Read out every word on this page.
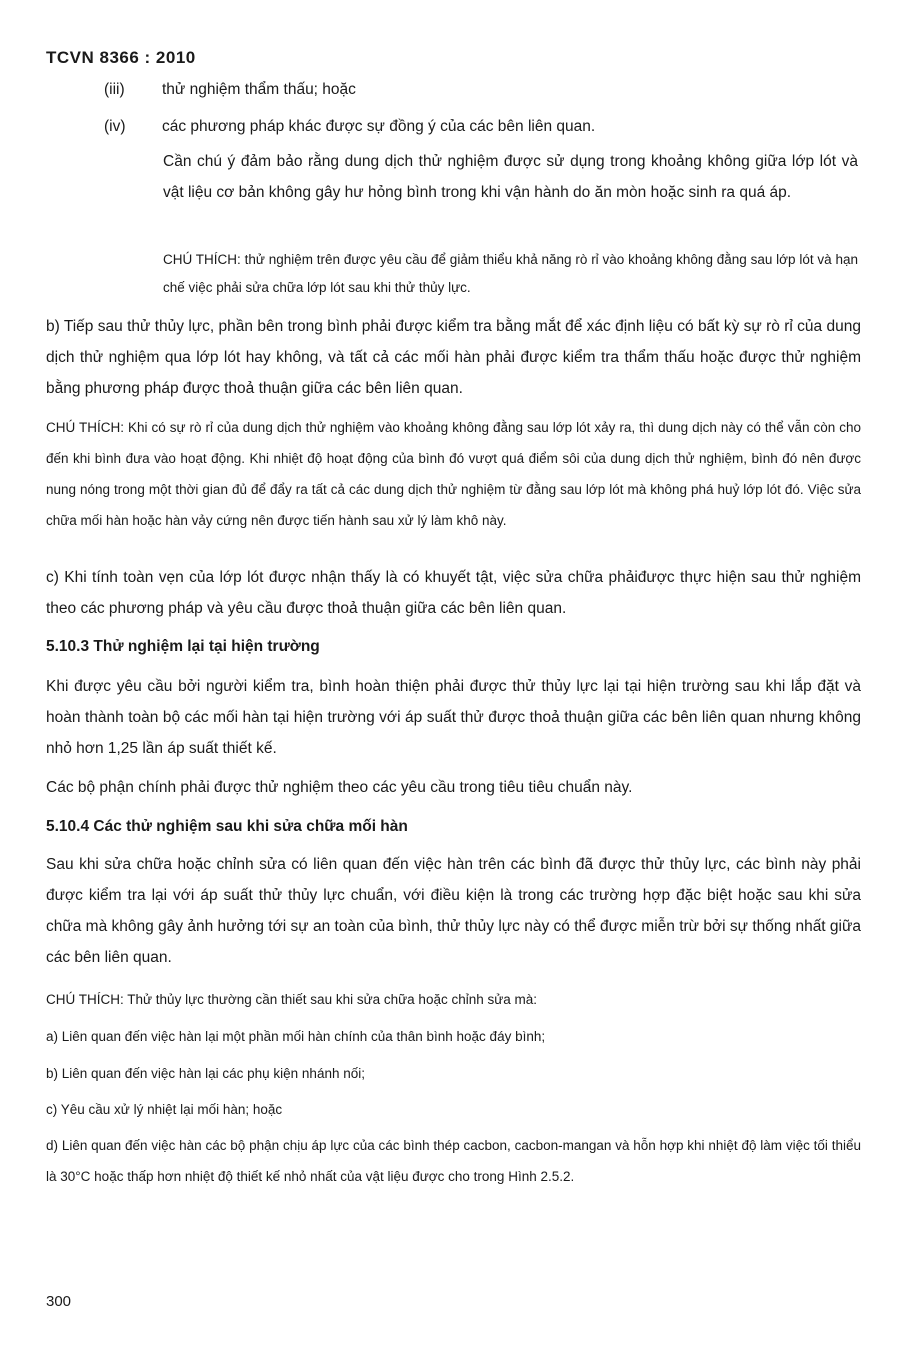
TCVN 8366 : 2010
(iii) thử nghiệm thẩm thấu; hoặc
(iv) các phương pháp khác được sự đồng ý của các bên liên quan.

Cần chú ý đảm bảo rằng dung dịch thử nghiệm được sử dụng trong khoảng không giữa lớp lót và vật liệu cơ bản không gây hư hỏng bình trong khi vận hành do ăn mòn hoặc sinh ra quá áp.

CHÚ THÍCH: thử nghiệm trên được yêu cầu để giảm thiểu khả năng rò rỉ vào khoảng không đằng sau lớp lót và hạn chế việc phải sửa chữa lớp lót sau khi thử thủy lực.

b) Tiếp sau thử thủy lực, phần bên trong bình phải được kiểm tra bằng mắt để xác định liệu có bất kỳ sự rò rỉ của dung dịch thử nghiệm qua lớp lót hay không, và tất cả các mối hàn phải được kiểm tra thẩm thấu hoặc được thử nghiệm bằng phương pháp được thoả thuận giữa các bên liên quan.

CHÚ THÍCH: Khi có sự rò rỉ của dung dịch thử nghiệm vào khoảng không đằng sau lớp lót xảy ra, thì dung dịch này có thể vẫn còn cho đến khi bình đưa vào hoạt động. Khi nhiệt độ hoạt động của bình đó vượt quá điểm sôi của dung dịch thử nghiệm, bình đó nên được nung nóng trong một thời gian đủ để đẩy ra tất cả các dung dịch thử nghiệm từ đằng sau lớp lót mà không phá huỷ lớp lót đó. Việc sửa chữa mối hàn hoặc hàn vảy cứng nên được tiến hành sau xử lý làm khô này.

c) Khi tính toàn vẹn của lớp lót được nhận thấy là có khuyết tật, việc sửa chữa phảiđược thực hiện sau thử nghiệm theo các phương pháp và yêu cầu được thoả thuận giữa các bên liên quan.

5.10.3 Thử nghiệm lại tại hiện trường

Khi được yêu cầu bởi người kiểm tra, bình hoàn thiện phải được thử thủy lực lại tại hiện trường sau khi lắp đặt và hoàn thành toàn bộ các mối hàn tại hiện trường với áp suất thử được thoả thuận giữa các bên liên quan nhưng không nhỏ hơn 1,25 lần áp suất thiết kế.

Các bộ phận chính phải được thử nghiệm theo các yêu cầu trong tiêu tiêu chuẩn này.

5.10.4 Các thử nghiệm sau khi sửa chữa mối hàn

Sau khi sửa chữa hoặc chỉnh sửa có liên quan đến việc hàn trên các bình đã được thử thủy lực, các bình này phải được kiểm tra lại với áp suất thử thủy lực chuẩn, với điều kiện là trong các trường hợp đặc biệt hoặc sau khi sửa chữa mà không gây ảnh hưởng tới sự an toàn của bình, thử thủy lực này có thể được miễn trừ bởi sự thống nhất giữa các bên liên quan.

CHÚ THÍCH: Thử thủy lực thường cần thiết sau khi sửa chữa hoặc chỉnh sửa mà:

a) Liên quan đến việc hàn lại một phần mối hàn chính của thân bình hoặc đáy bình;

b) Liên quan đến việc hàn lại các phụ kiện nhánh nối;

c) Yêu cầu xử lý nhiệt lại mối hàn; hoặc

d) Liên quan đến việc hàn các bộ phận chịu áp lực của các bình thép cacbon, cacbon-mangan và hỗn hợp khi nhiệt độ làm việc tối thiểu là 30°C hoặc thấp hơn nhiệt độ thiết kế nhỏ nhất của vật liệu được cho trong Hình 2.5.2.

300
